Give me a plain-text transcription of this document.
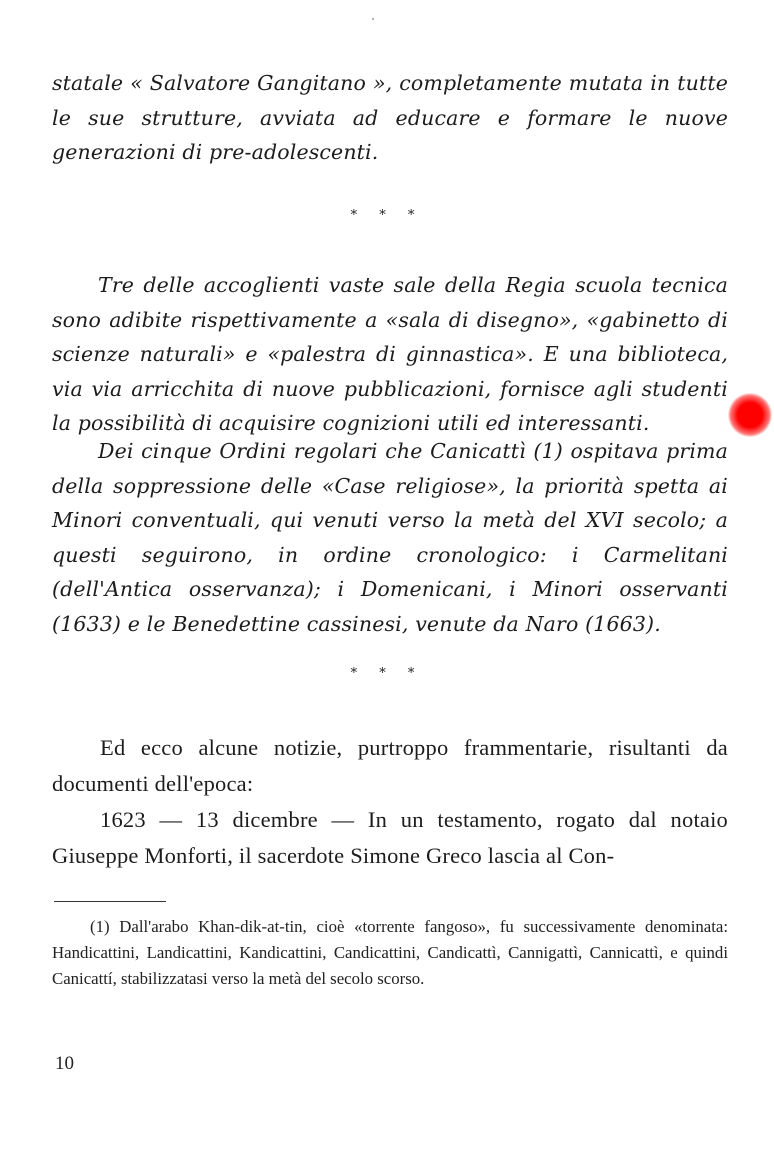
statale « Salvatore Gangitano », completamente mutata in tutte le sue strutture, avviata ad educare e formare le nuove generazioni di pre-adolescenti.

* * *

Tre delle accoglienti vaste sale della Regia scuola tecnica sono adibite rispettivamente a «sala di disegno», «gabinetto di scienze naturali» e «palestra di ginnastica». E una biblioteca, via via arricchita di nuove pubblicazioni, fornisce agli studenti la possibilità di acquisire cognizioni utili ed interessanti.

Dei cinque Ordini regolari che Canicattì (1) ospitava prima della soppressione delle «Case religiose», la priorità spetta ai Minori conventuali, qui venuti verso la metà del XVI secolo; a questi seguirono, in ordine cronologico: i Carmelitani (dell'Antica osservanza); i Domenicani, i Minori osservanti (1633) e le Benedettine cassinesi, venute da Naro (1663).

* * *

Ed ecco alcune notizie, purtroppo frammentarie, risultanti da documenti dell'epoca:

1623 — 13 dicembre — In un testamento, rogato dal notaio Giuseppe Monforti, il sacerdote Simone Greco lascia al Con-

(1) Dall'arabo Khan-dik-at-tin, cioè «torrente fangoso», fu successivamente denominata: Handicattini, Landicattini, Kandicattini, Candicattini, Candicattì, Cannigattì, Cannicattì, e quindi Canicattí, stabilizzatasi verso la metà del secolo scorso.

10
